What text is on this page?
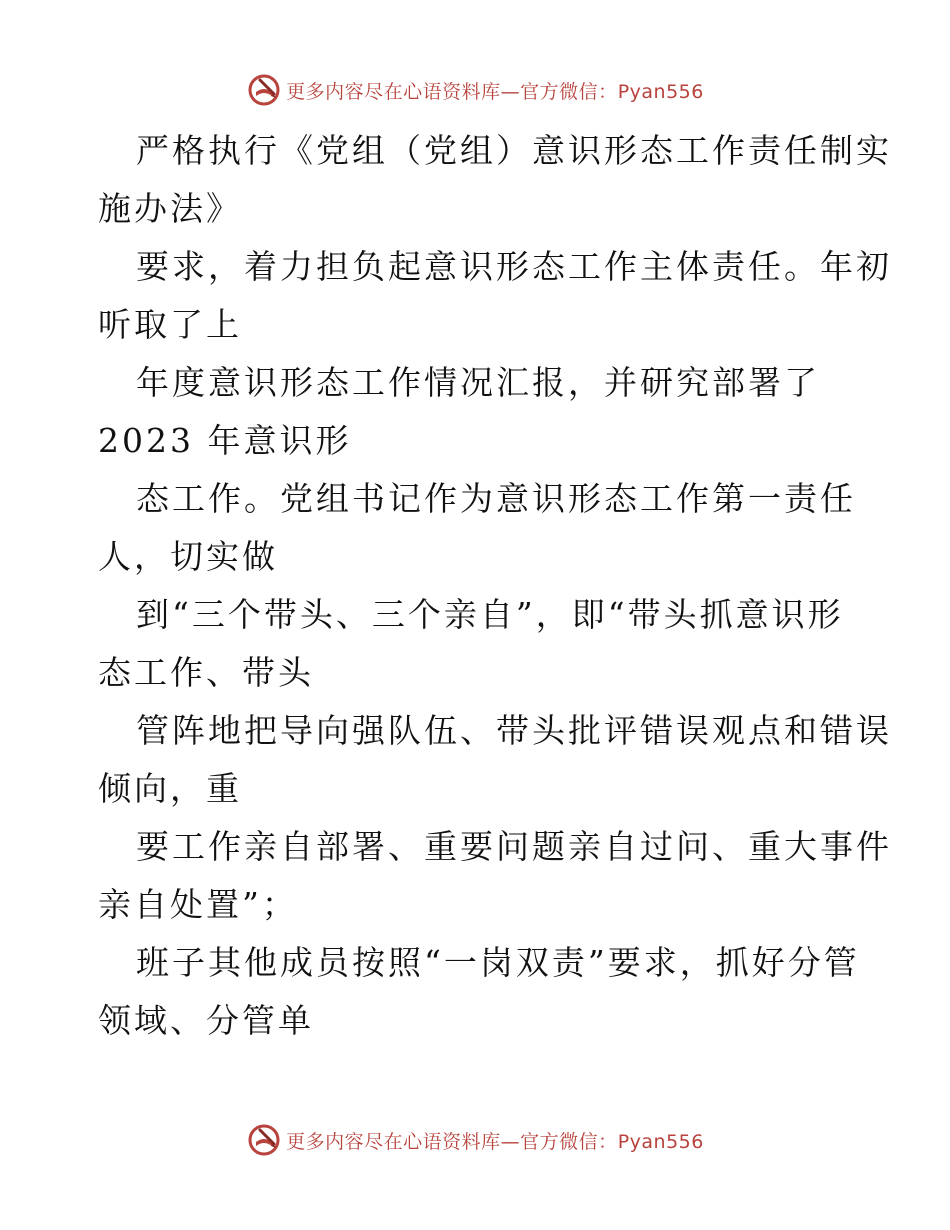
更多内容尽在心语资料库—官方微信：Pyan556
严格执行《党组（党组）意识形态工作责任制实
施办法》
要求，着力担负起意识形态工作主体责任。年初
听取了上
年度意识形态工作情况汇报，并研究部署了
2023 年意识形
态工作。党组书记作为意识形态工作第一责任
人，切实做
到“三个带头、三个亲自”，即“带头抓意识形
态工作、带头
管阵地把导向强队伍、带头批评错误观点和错误
倾向，重
要工作亲自部署、重要问题亲自过问、重大事件
亲自处置”；
班子其他成员按照“一岗双责”要求，抓好分管
领域、分管单
更多内容尽在心语资料库—官方微信：Pyan556
